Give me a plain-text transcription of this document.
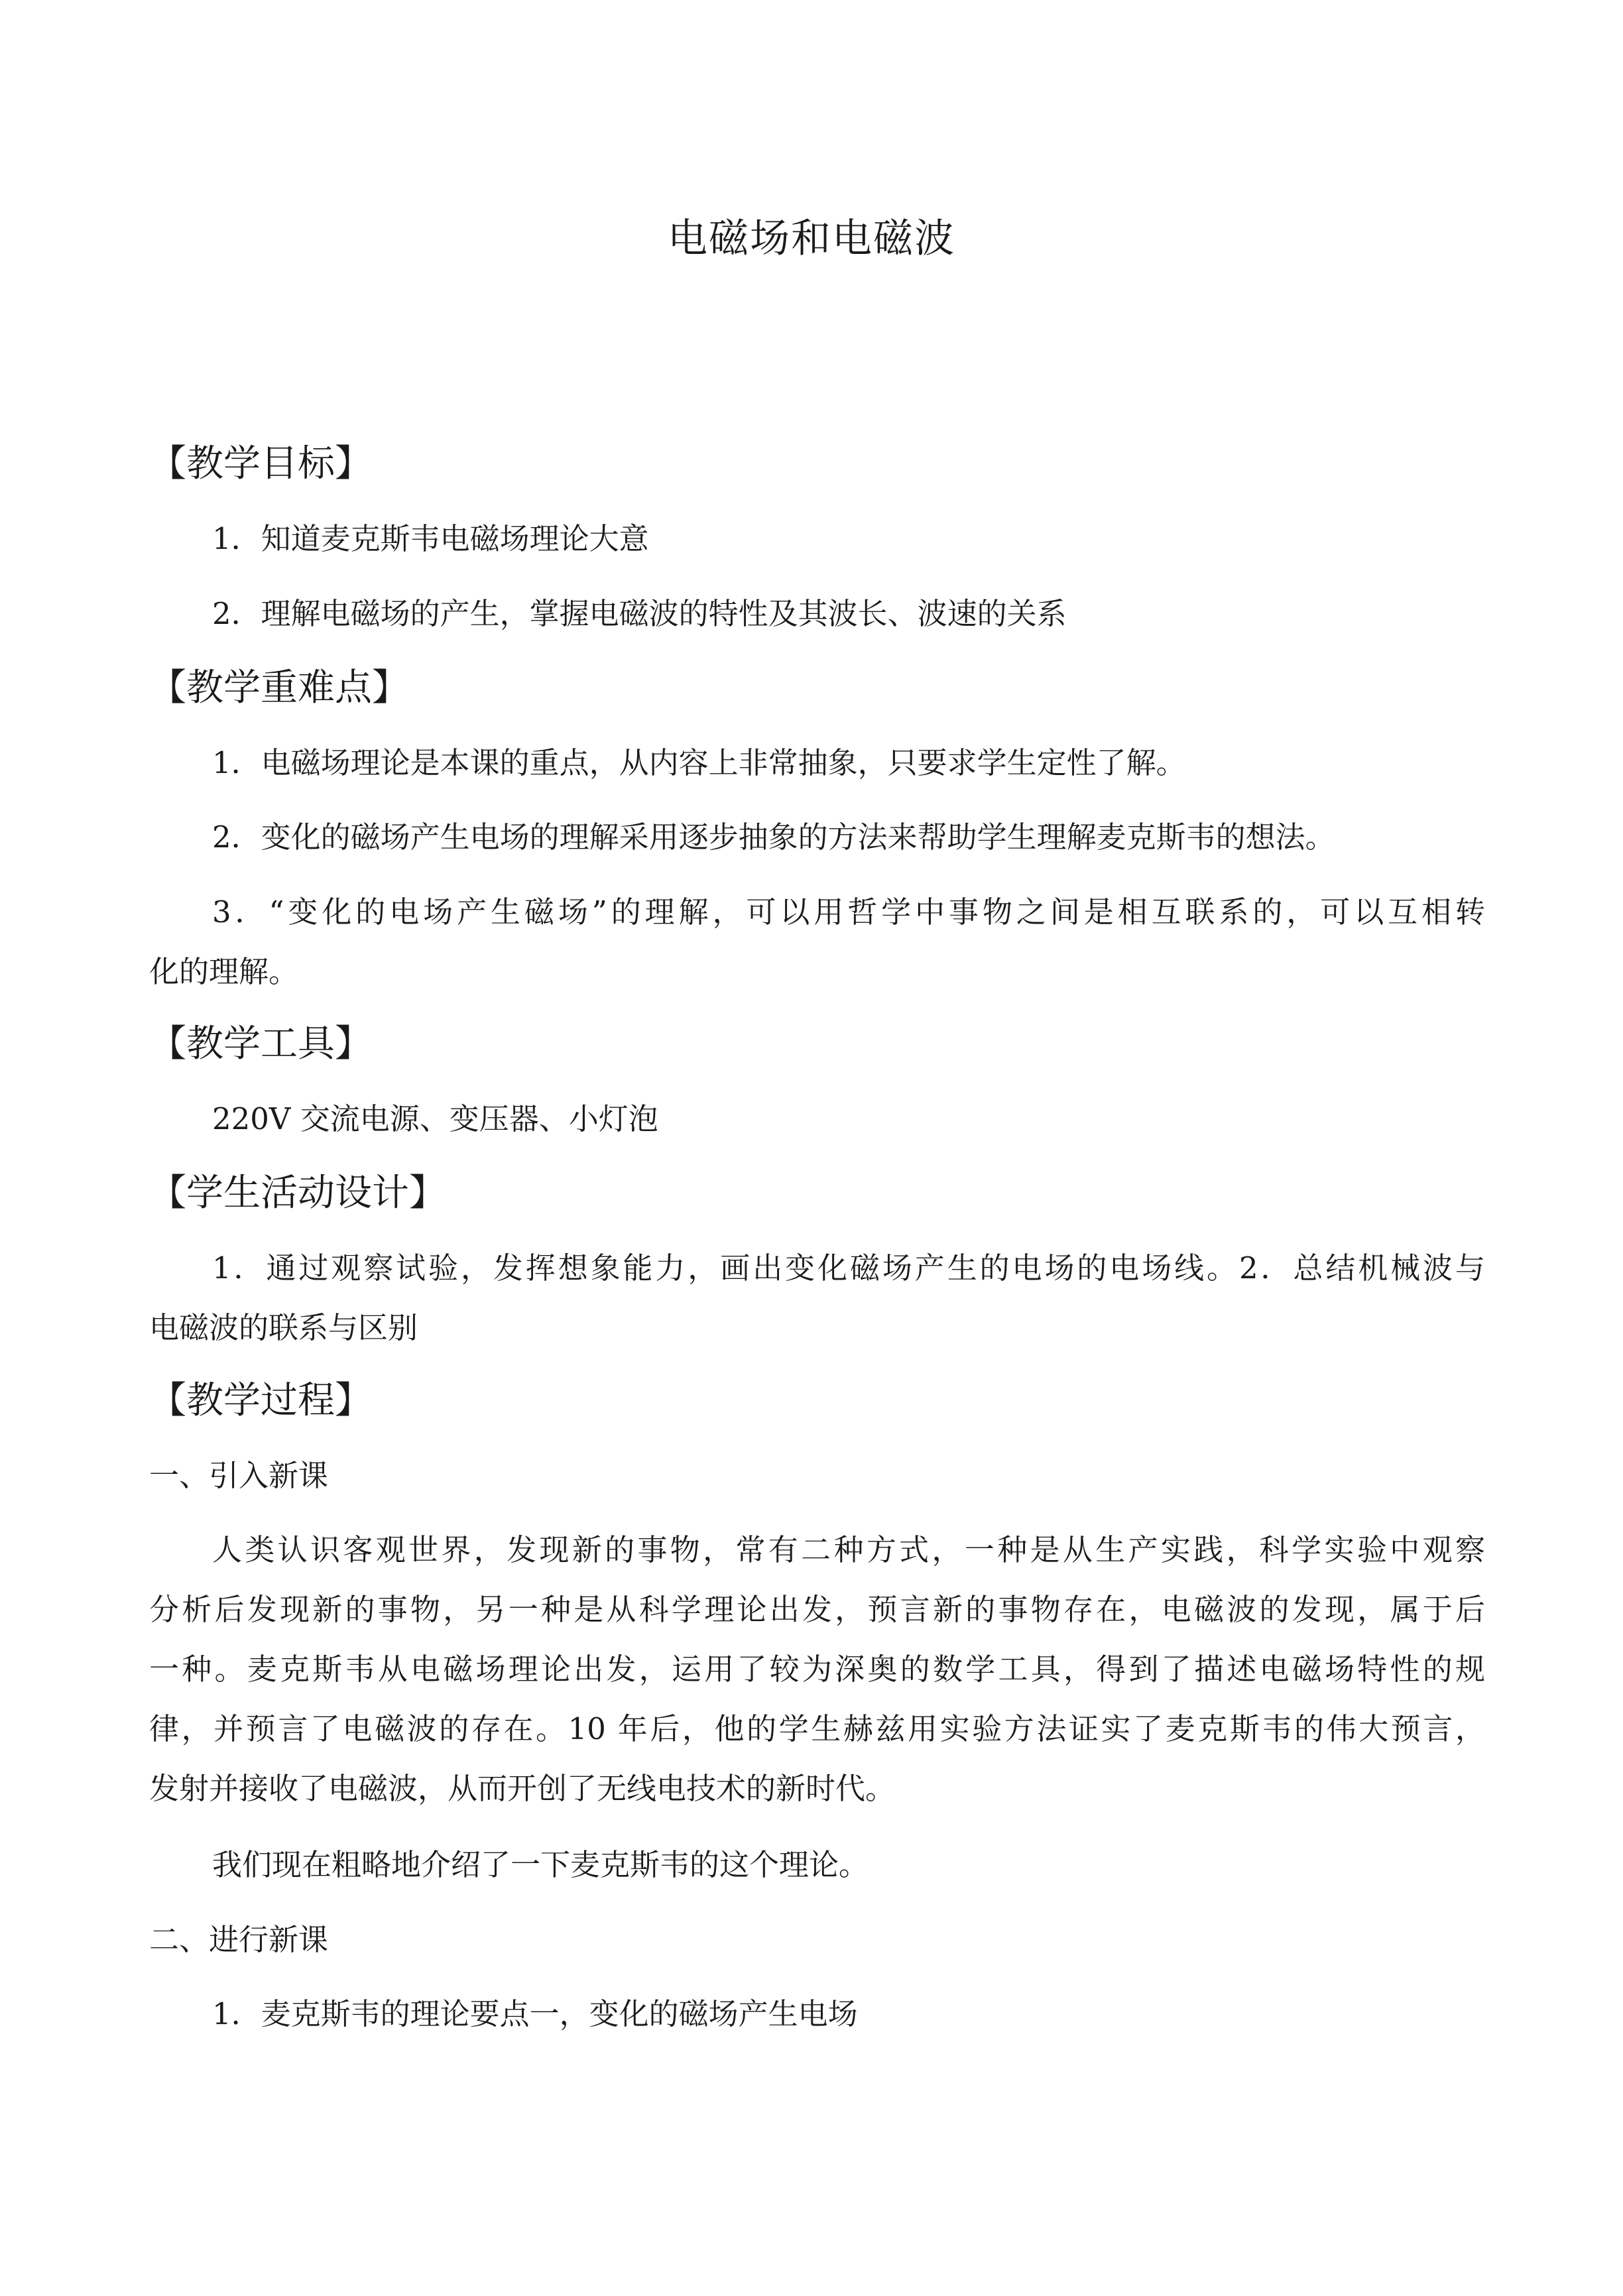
电磁场和电磁波
【教学目标】
1．知道麦克斯韦电磁场理论大意
2．理解电磁场的产生，掌握电磁波的特性及其波长、波速的关系
【教学重难点】
1．电磁场理论是本课的重点，从内容上非常抽象，只要求学生定性了解。
2．变化的磁场产生电场的理解采用逐步抽象的方法来帮助学生理解麦克斯韦的想法。
3．“变化的电场产生磁场”的理解，可以用哲学中事物之间是相互联系的，可以互相转
化的理解。
【教学工具】
220V 交流电源、变压器、小灯泡
【学生活动设计】
1．通过观察试验，发挥想象能力，画出变化磁场产生的电场的电场线。2．总结机械波与
电磁波的联系与区别
【教学过程】
一、引入新课
人类认识客观世界，发现新的事物，常有二种方式，一种是从生产实践，科学实验中观察
分析后发现新的事物，另一种是从科学理论出发，预言新的事物存在，电磁波的发现，属于后
一种。麦克斯韦从电磁场理论出发，运用了较为深奥的数学工具，得到了描述电磁场特性的规
律，并预言了电磁波的存在。10 年后，他的学生赫兹用实验方法证实了麦克斯韦的伟大预言，
发射并接收了电磁波，从而开创了无线电技术的新时代。
我们现在粗略地介绍了一下麦克斯韦的这个理论。
二、进行新课
1．麦克斯韦的理论要点一，变化的磁场产生电场
